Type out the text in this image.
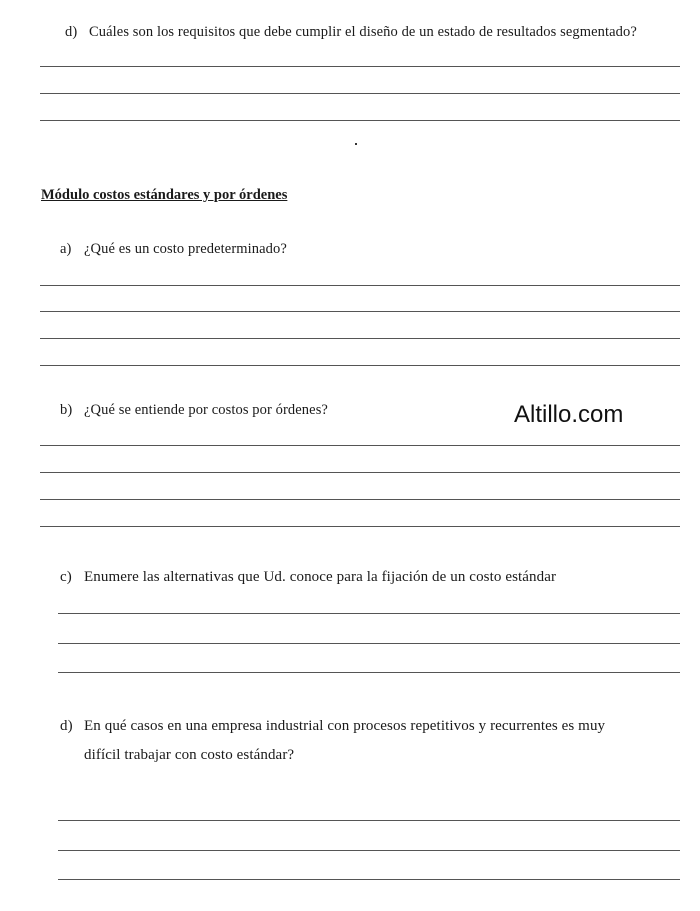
d) Cuáles son los requisitos que debe cumplir el diseño de un estado de resultados segmentado?
Módulo costos estándares y por órdenes
a) ¿Qué es un costo predeterminado?
b) ¿Qué se entiende por costos por órdenes?	Altillo.com
c) Enumere las alternativas que Ud. conoce para la fijación de un costo estándar
d) En qué casos en una empresa industrial con procesos repetitivos y recurrentes es muy
difícil trabajar con costo estándar?
